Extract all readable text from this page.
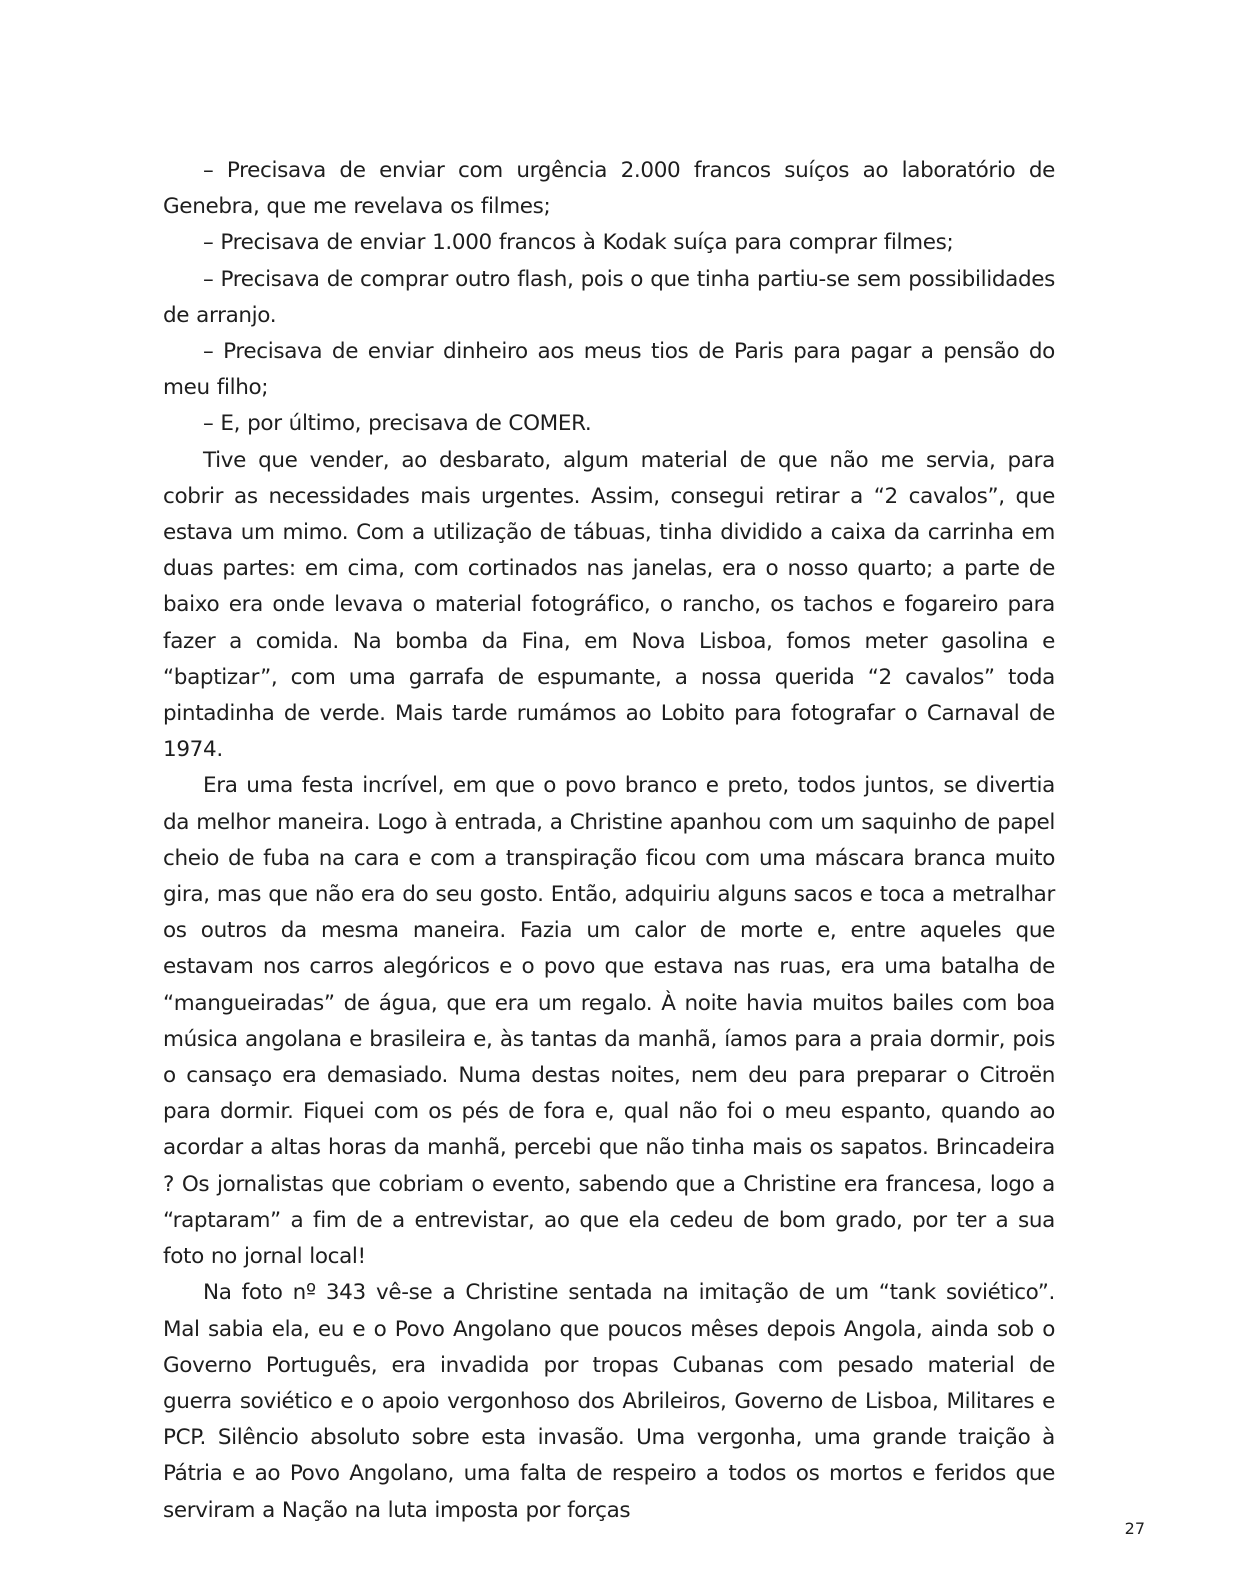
– Precisava de enviar com urgência 2.000 francos suíços ao laboratório de Genebra, que me revelava os filmes;

– Precisava de enviar 1.000 francos à Kodak suíça para comprar filmes;

– Precisava de comprar outro flash, pois o que tinha partiu-se sem possibilidades de arranjo.

– Precisava de enviar dinheiro aos meus tios de Paris para pagar a pensão do meu filho;

– E, por último, precisava de COMER.

Tive que vender, ao desbarato, algum material de que não me servia, para cobrir as necessidades mais urgentes. Assim, consegui retirar a “2 cavalos”, que estava um mimo. Com a utilização de tábuas, tinha dividido a caixa da carrinha em duas partes: em cima, com cortinados nas janelas, era o nosso quarto; a parte de baixo era onde levava o material fotográfico, o rancho, os tachos e fogareiro para fazer a comida. Na bomba da Fina, em Nova Lisboa, fomos meter gasolina e “baptizar”, com uma garrafa de espumante, a nossa querida “2 cavalos” toda pintadinha de verde. Mais tarde rumámos ao Lobito para fotografar o Carnaval de 1974.

Era uma festa incrível, em que o povo branco e preto, todos juntos, se divertia da melhor maneira. Logo à entrada, a Christine apanhou com um saquinho de papel cheio de fuba na cara e com a transpiração ficou com uma máscara branca muito gira, mas que não era do seu gosto. Então, adquiriu alguns sacos e toca a metralhar os outros da mesma maneira. Fazia um calor de morte e, entre aqueles que estavam nos carros alegóricos e o povo que estava nas ruas, era uma batalha de “mangueiradas” de água, que era um regalo. À noite havia muitos bailes com boa música angolana e brasileira e, às tantas da manhã, íamos para a praia dormir, pois o cansaço era demasiado. Numa destas noites, nem deu para preparar o Citroën para dormir. Fiquei com os pés de fora e, qual não foi o meu espanto, quando ao acordar a altas horas da manhã, percebi que não tinha mais os sapatos. Brincadeira ? Os jornalistas que cobriam o evento, sabendo que a Christine era francesa, logo a “raptaram” a fim de a entrevistar, ao que ela cedeu de bom grado, por ter a sua foto no jornal local!

Na foto nº 343 vê-se a Christine sentada na imitação de um “tank soviético”. Mal sabia ela, eu e o Povo Angolano que poucos mêses depois Angola, ainda sob o Governo Português, era invadida por tropas Cubanas com pesado material de guerra soviético e o apoio vergonhoso dos Abrileiros, Governo de Lisboa, Militares e PCP. Silêncio absoluto sobre esta invasão. Uma vergonha, uma grande traição à Pátria e ao Povo Angolano, uma falta de respeiro a todos os mortos e feridos que serviram a Nação na luta imposta por forças

27
